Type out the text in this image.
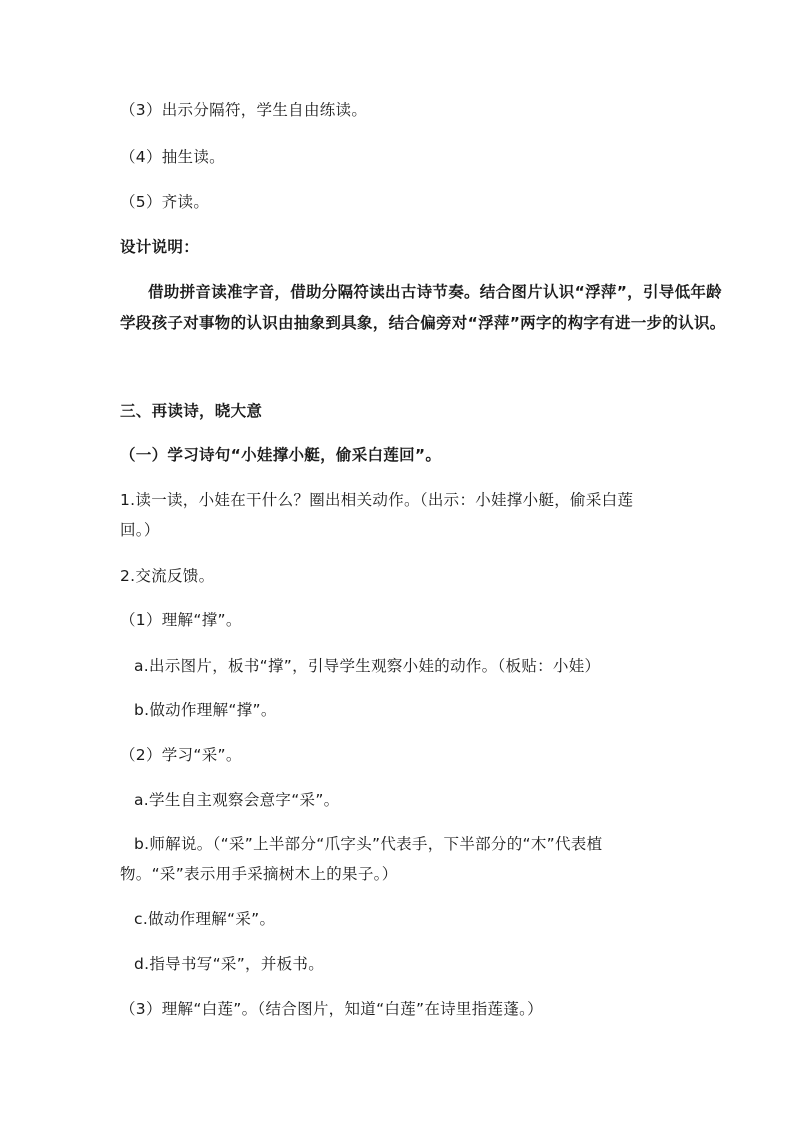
（3）出示分隔符，学生自由练读。
（4）抽生读。
（5）齐读。
设计说明：
借助拼音读准字音，借助分隔符读出古诗节奏。结合图片认识“浮萍”，引导低年龄
学段孩子对事物的认识由抽象到具象，结合偏旁对“浮萍”两字的构字有进一步的认识。
三、再读诗，晓大意
（一）学习诗句“小娃撑小艇，偷采白莲回”。
1.读一读，小娃在干什么？圈出相关动作。（出示：小娃撑小艇，偷采白莲
回。）
2.交流反馈。
（1）理解“撑”。
a.出示图片，板书“撑”，引导学生观察小娃的动作。（板贴：小娃）
b.做动作理解“撑”。
（2）学习“采”。
a.学生自主观察会意字“采”。
b.师解说。（“采”上半部分“爪字头”代表手，下半部分的“木”代表植
物。“采”表示用手采摘树木上的果子。）
c.做动作理解“采”。
d.指导书写“采”，并板书。
（3）理解“白莲”。（结合图片，知道“白莲”在诗里指莲蓬。）
